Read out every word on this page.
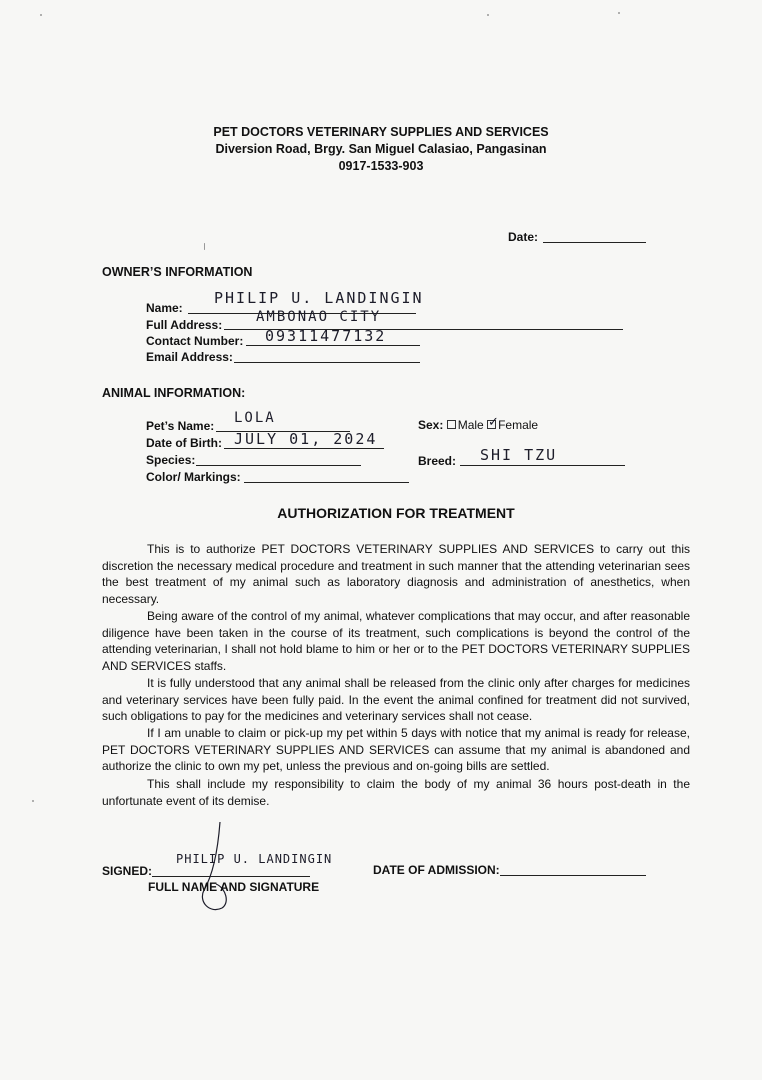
PET DOCTORS VETERINARY SUPPLIES AND SERVICES
Diversion Road, Brgy. San Miguel Calasiao, Pangasinan
0917-1533-903
Date:
OWNER’S INFORMATION
Name:
PHILIP U. LANDINGIN
Full Address: AMBONAO CITY
Contact Number: 09311477132
Email Address:
ANIMAL INFORMATION:
Pet’s Name: LOLA
Date of Birth: JULY 01, 2024
Species:
Color/ Markings:
Sex: Male Female
✓
Breed: SHI TZU
AUTHORIZATION FOR TREATMENT

This is to authorize PET DOCTORS VETERINARY SUPPLIES AND SERVICES to carry out this discretion the necessary medical procedure and treatment in such manner that the attending veterinarian sees the best treatment of my animal such as laboratory diagnosis and administration of anesthetics, when necessary.

Being aware of the control of my animal, whatever complications that may occur, and after reasonable diligence have been taken in the course of its treatment, such complications is beyond the control of the attending veterinarian, I shall not hold blame to him or her or to the PET DOCTORS VETERINARY SUPPLIES AND SERVICES staffs.

It is fully understood that any animal shall be released from the clinic only after charges for medicines and veterinary services have been fully paid. In the event the animal confined for treatment did not survived, such obligations to pay for the medicines and veterinary services shall not cease.

If I am unable to claim or pick-up my pet within 5 days with notice that my animal is ready for release, PET DOCTORS VETERINARY SUPPLIES AND SERVICES can assume that my animal is abandoned and authorize the clinic to own my pet, unless the previous and on-going bills are settled.

This shall include my responsibility to claim the body of my animal 36 hours post-death in the unfortunate event of its demise.

SIGNED:
PHILIP U. LANDINGIN
FULL NAME AND SIGNATURE
DATE OF ADMISSION:
